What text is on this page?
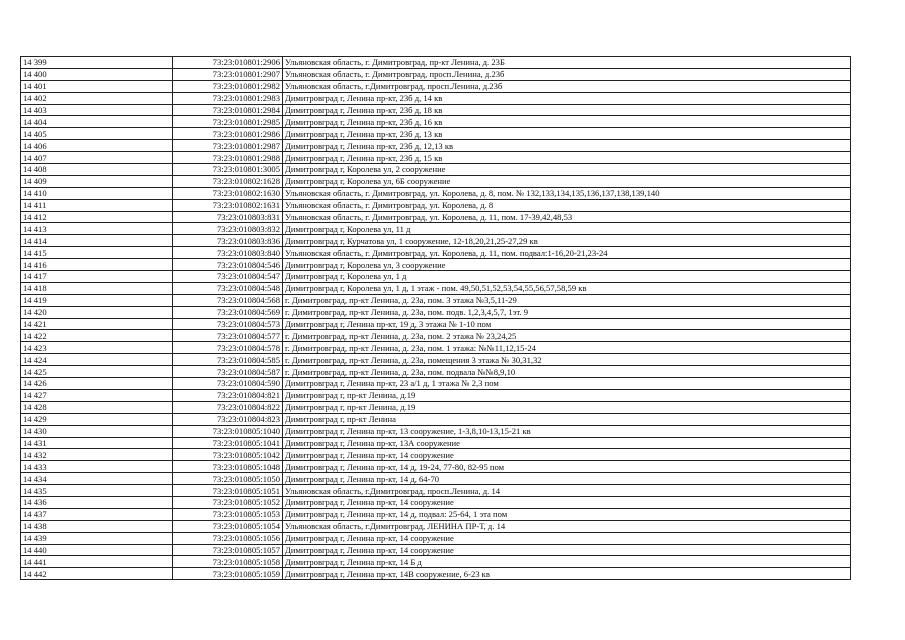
14 399	73:23:010801:2906	Ульяновская область, г. Димитровград, пр-кт Ленина, д. 23Б
14 400	73:23:010801:2907	Ульяновская область, г. Димитровград, просп.Ленина, д.23б
14 401	73:23:010801:2982	Ульяновская область, г.Димитровград, просп.Ленина, д.23б
14 402	73:23:010801:2983	Димитровград г, Ленина пр-кт, 23б д, 14 кв
14 403	73:23:010801:2984	Димитровград г, Ленина пр-кт, 23б д, 18 кв
14 404	73:23:010801:2985	Димитровград г, Ленина пр-кт, 23б д, 16 кв
14 405	73:23:010801:2986	Димитровград г, Ленина пр-кт, 23б д, 13 кв
14 406	73:23:010801:2987	Димитровград г, Ленина пр-кт, 23б д, 12,13 кв
14 407	73:23:010801:2988	Димитровград г, Ленина пр-кт, 23б д, 15 кв
14 408	73:23:010801:3005	Димитровград г, Королева ул, 2 сооружение
14 409	73:23:010802:1628	Димитровград г, Королева ул, 6Б сооружение
14 410	73:23:010802:1630	Ульяновская область, г. Димитровград, ул. Королева, д. 8, пом. № 132,133,134,135,136,137,138,139,140
14 411	73:23:010802:1631	Ульяновская область, г. Димитровград, ул. Королева, д. 8
14 412	73:23:010803:831	Ульяновская область, г. Димитровград, ул. Королева, д. 11, пом. 17-39,42,48,53
14 413	73:23:010803:832	Димитровград г, Королева ул, 11 д
14 414	73:23:010803:836	Димитровград г, Курчатова ул, 1 сооружение, 12-18,20,21,25-27,29 кв
14 415	73:23:010803:840	Ульяновская область, г. Димитровград, ул. Королева, д. 11, пом. подвал:1-16,20-21,23-24
14 416	73:23:010804:546	Димитровград г, Королева ул, 3 сооружение
14 417	73:23:010804:547	Димитровград г, Королева ул, 1 д
14 418	73:23:010804:548	Димитровград г, Королева ул, 1 д, 1 этаж - пом. 49,50,51,52,53,54,55,56,57,58,59 кв
14 419	73:23:010804:568	г. Димитровград, пр-кт Ленина, д. 23а, пом. 3 этажа №3,5,11-29
14 420	73:23:010804:569	г. Димитровград, пр-кт Ленина, д. 23а, пом. подв. 1,2,3,4,5,7, 1эт. 9
14 421	73:23:010804:573	Димитровград г, Ленина пр-кт, 19 д, 3 этажа № 1-10 пом
14 422	73:23:010804:577	г. Димитровград, пр-кт Ленина, д. 23а, пом. 2 этажа № 23,24,25
14 423	73:23:010804:578	г. Димитровград, пр-кт Ленина, д. 23а, пом. 1 этажа: №№11,12,15-24
14 424	73:23:010804:585	г. Димитровград, пр-кт Ленина, д. 23а, помещения 3 этажа № 30,31,32
14 425	73:23:010804:587	г. Димитровград, пр-кт Ленина, д. 23а, пом. подвала №№8,9,10
14 426	73:23:010804:590	Димитровград г, Ленина пр-кт, 23 а/1 д, 1 этажа № 2,3 пом
14 427	73:23:010804:821	Димитровград г, пр-кт Ленина, д.19
14 428	73:23:010804:822	Димитровград г, пр-кт Ленина, д.19
14 429	73:23:010804:823	Димитровград г, пр-кт Ленина
14 430	73:23:010805:1040	Димитровград г, Ленина пр-кт, 13 сооружение, 1-3,8,10-13,15-21 кв
14 431	73:23:010805:1041	Димитровград г, Ленина пр-кт, 13А сооружение
14 432	73:23:010805:1042	Димитровград г, Ленина пр-кт, 14 сооружение
14 433	73:23:010805:1048	Димитровград г, Ленина пр-кт, 14 д, 19-24, 77-80, 82-95 пом
14 434	73:23:010805:1050	Димитровград г, Ленина пр-кт, 14 д, 64-70
14 435	73:23:010805:1051	Ульяновская область, г.Димитровград, просп.Ленина, д. 14
14 436	73:23:010805:1052	Димитровград г, Ленина пр-кт, 14 сооружение
14 437	73:23:010805:1053	Димитровград г, Ленина пр-кт, 14 д, подвал: 25-64, 1 эта пом
14 438	73:23:010805:1054	Ульяновская область, г.Димитровград, ЛЕНИНА ПР-Т, д. 14
14 439	73:23:010805:1056	Димитровград г, Ленина пр-кт, 14 сооружение
14 440	73:23:010805:1057	Димитровград г, Ленина пр-кт, 14 сооружение
14 441	73:23:010805:1058	Димитровград г, Ленина пр-кт, 14 Б д
14 442	73:23:010805:1059	Димитровград г, Ленина пр-кт, 14В сооружение, 6-23 кв
